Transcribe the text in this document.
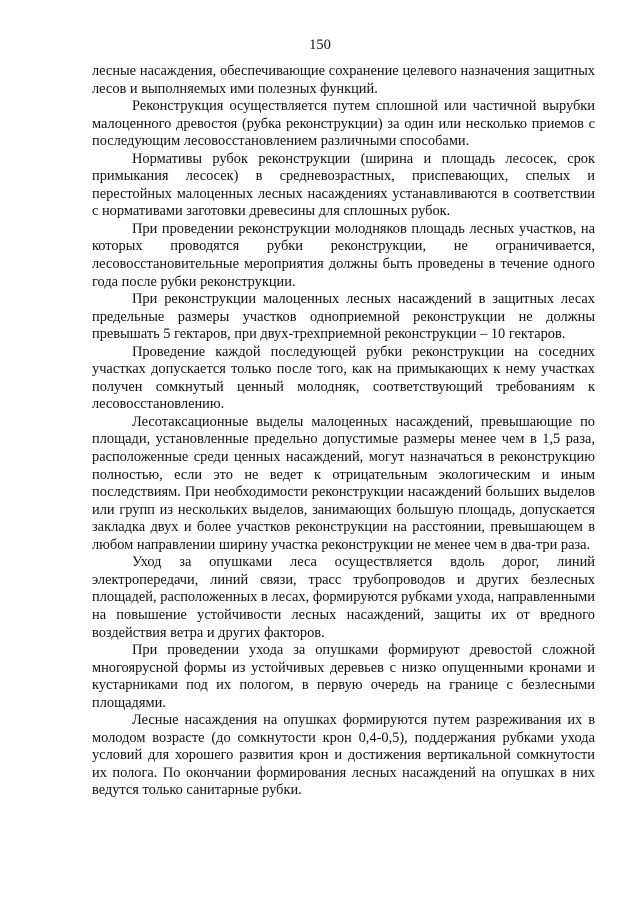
150

лесные насаждения, обеспечивающие сохранение целевого назначения защитных лесов и выполняемых ими полезных функций.

Реконструкция осуществляется путем сплошной или частичной вырубки малоценного древостоя (рубка реконструкции) за один или несколько приемов с последующим лесовосстановлением различными способами.

Нормативы рубок реконструкции (ширина и площадь лесосек, срок примыкания лесосек) в средневозрастных, приспевающих, спелых и перестойных малоценных лесных насаждениях устанавливаются в соответствии с нормативами заготовки древесины для сплошных рубок.

При проведении реконструкции молодняков площадь лесных участков, на которых проводятся рубки реконструкции, не ограничивается, лесовосстановительные мероприятия должны быть проведены в течение одного года после рубки реконструкции.

При реконструкции малоценных лесных насаждений в защитных лесах предельные размеры участков одноприемной реконструкции не должны превышать 5 гектаров, при двух-трехприемной реконструкции – 10 гектаров.

Проведение каждой последующей рубки реконструкции на соседних участках допускается только после того, как на примыкающих к нему участках получен сомкнутый ценный молодняк, соответствующий требованиям к лесовосстановлению.

Лесотаксационные выделы малоценных насаждений, превышающие по площади, установленные предельно допустимые размеры менее чем в 1,5 раза, расположенные среди ценных насаждений, могут назначаться в реконструкцию полностью, если это не ведет к отрицательным экологическим и иным последствиям. При необходимости реконструкции насаждений больших выделов или групп из нескольких выделов, занимающих большую площадь, допускается закладка двух и более участков реконструкции на расстоянии, превышающем в любом направлении ширину участка реконструкции не менее чем в два-три раза.

Уход за опушками леса осуществляется вдоль дорог, линий электропередачи, линий связи, трасс трубопроводов и других безлесных площадей, расположенных в лесах, формируются рубками ухода, направленными на повышение устойчивости лесных насаждений, защиты их от вредного воздействия ветра и других факторов.

При проведении ухода за опушками формируют древостой сложной многоярусной формы из устойчивых деревьев с низко опущенными кронами и кустарниками под их пологом, в первую очередь на границе с безлесными площадями.

Лесные насаждения на опушках формируются путем разреживания их в молодом возрасте (до сомкнутости крон 0,4-0,5), поддержания рубками ухода условий для хорошего развития крон и достижения вертикальной сомкнутости их полога. По окончании формирования лесных насаждений на опушках в них ведутся только санитарные рубки.
